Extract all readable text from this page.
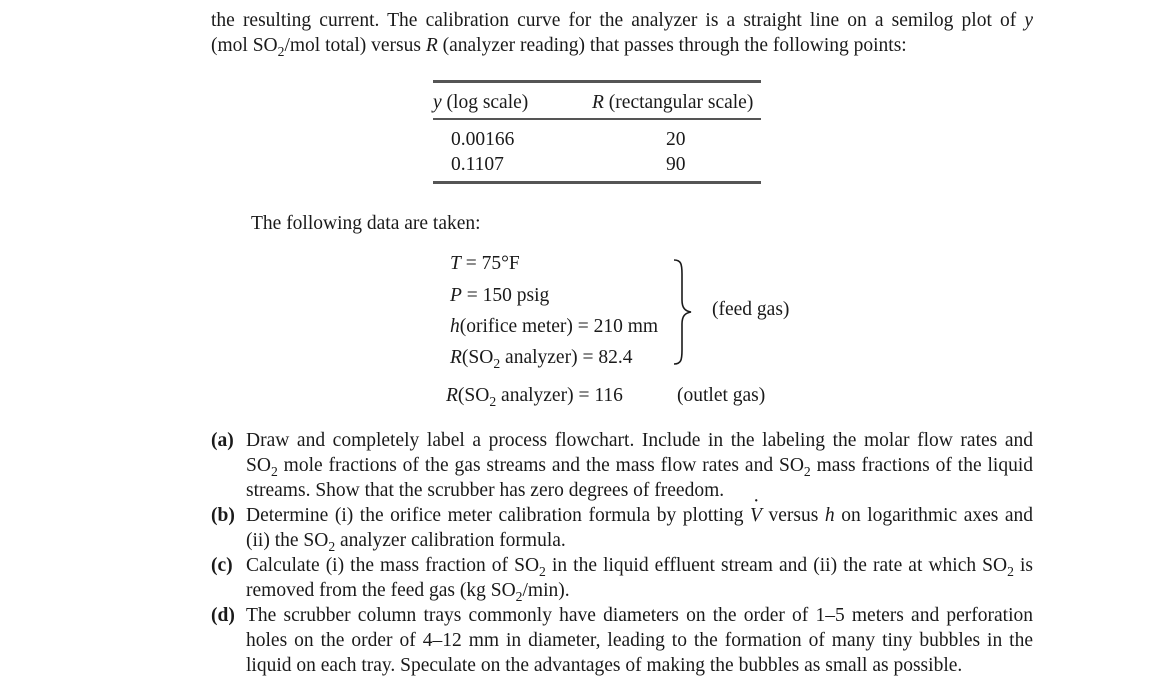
the resulting current. The calibration curve for the analyzer is a straight line on a semilog plot of y
(mol $SO_2$/mol total) versus R (analyzer reading) that passes through the following points:
y (log scale)	R (rectangular scale)
0.00166	20
0.1107	90
The following data are taken:
T = 75°F
P = 150 psig
h(orifice meter) = 210 mm
$R(SO_2$ analyzer) = 82.4
(feed gas)
$R(SO_2$ analyzer) = 116	(outlet gas)
(a) Draw and completely label a process flowchart. Include in the labeling the molar flow rates and
$SO_2$ mole fractions of the gas streams and the mass flow rates and $SO_2$ mass fractions of the liquid
streams. Show that the scrubber has zero degrees of freedom.
(b) Determine (i) the orifice meter calibration formula by plotting · V versus h on logarithmic axes and
(ii) the $SO_2$ analyzer calibration formula.
(c) Calculate (i) the mass fraction of $SO_2$ in the liquid effluent stream and (ii) the rate at which $SO_2$ is
removed from the feed gas (kg $SO_2/\min$).
(d) The scrubber column trays commonly have diameters on the order of 1–5 meters and perforation
holes on the order of 4–12 mm in diameter, leading to the formation of many tiny bubbles in the
liquid on each tray. Speculate on the advantages of making the bubbles as small as possible.
